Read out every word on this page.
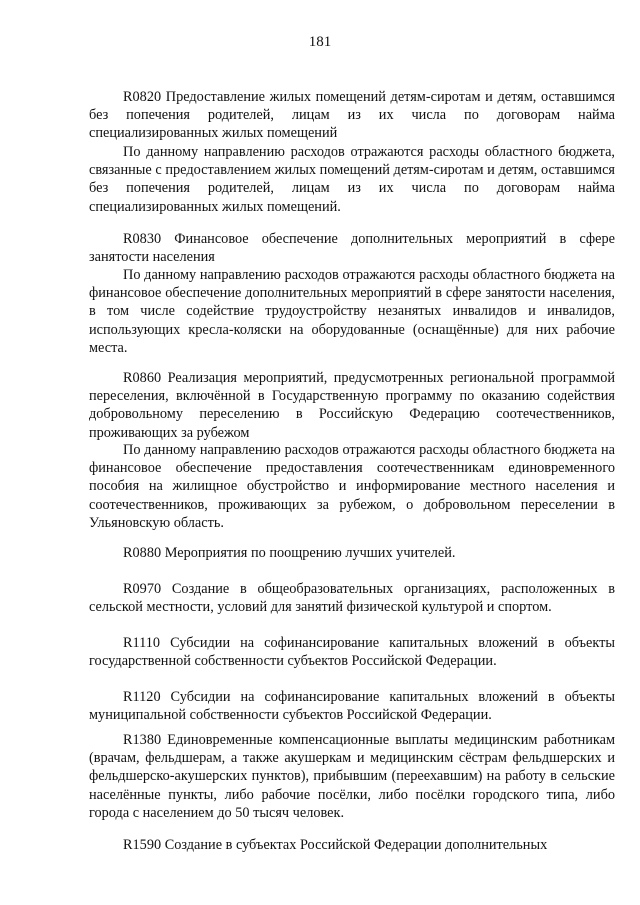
181

R0820 Предоставление жилых помещений детям-сиротам и детям, оставшимся без попечения родителей, лицам из их числа по договорам найма специализированных жилых помещений

По данному направлению расходов отражаются расходы областного бюджета, связанные с предоставлением жилых помещений детям-сиротам и детям, оставшимся без попечения родителей, лицам из их числа по договорам найма специализированных жилых помещений.

R0830 Финансовое обеспечение дополнительных мероприятий в сфере занятости населения

По данному направлению расходов отражаются расходы областного бюджета на финансовое обеспечение дополнительных мероприятий в сфере занятости населения, в том числе содействие трудоустройству незанятых инвалидов и инвалидов, использующих кресла-коляски на оборудованные (оснащённые) для них рабочие места.

R0860 Реализация мероприятий, предусмотренных региональной программой переселения, включённой в Государственную программу по оказанию содействия добровольному переселению в Российскую Федерацию соотечественников, проживающих за рубежом

По данному направлению расходов отражаются расходы областного бюджета на финансовое обеспечение предоставления соотечественникам единовременного пособия на жилищное обустройство и информирование местного населения и соотечественников, проживающих за рубежом, о добровольном переселении в Ульяновскую область.

R0880 Мероприятия по поощрению лучших учителей.

R0970 Создание в общеобразовательных организациях, расположенных в сельской местности, условий для занятий физической культурой и спортом.

R1110 Субсидии на софинансирование капитальных вложений в объекты государственной собственности субъектов Российской Федерации.

R1120 Субсидии на софинансирование капитальных вложений в объекты муниципальной собственности субъектов Российской Федерации.

R1380 Единовременные компенсационные выплаты медицинским работникам (врачам, фельдшерам, а также акушеркам и медицинским сёстрам фельдшерских и фельдшерско-акушерских пунктов), прибывшим (переехавшим) на работу в сельские населённые пункты, либо рабочие посёлки, либо посёлки городского типа, либо города с населением до 50 тысяч человек.

R1590 Создание в субъектах Российской Федерации дополнительных
